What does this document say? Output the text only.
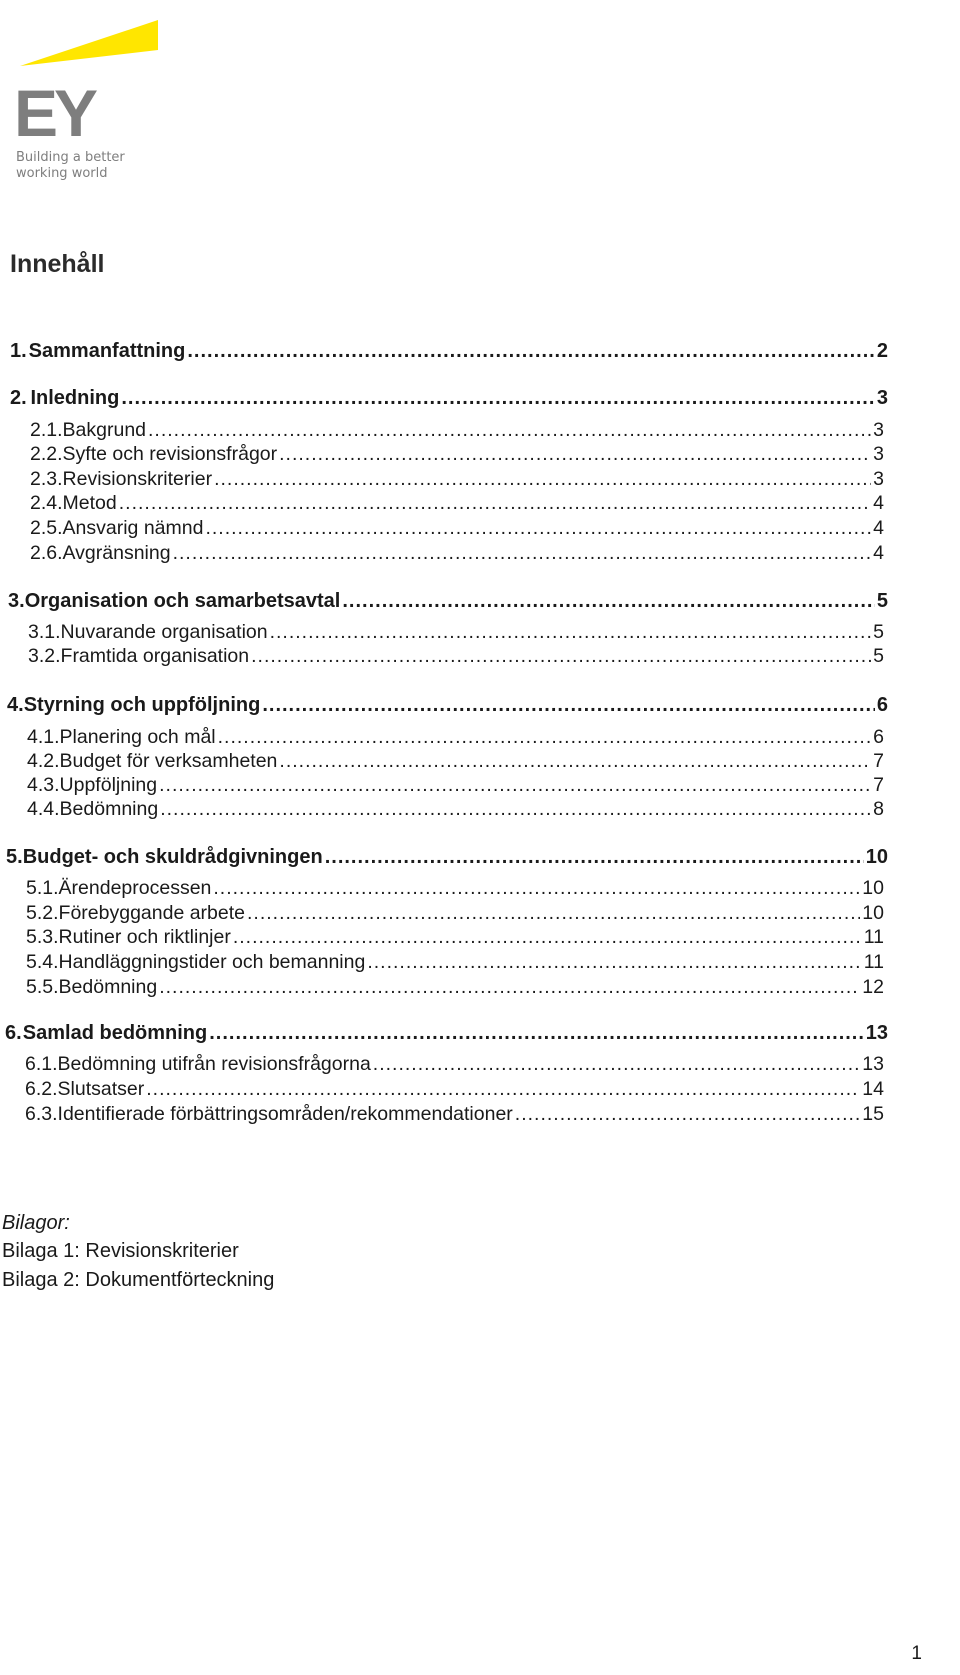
EY
Building a better
working world
Innehåll
1. Sammanfattning .....	2
2. Inledning .....	3
2.1. Bakgrund .....	3
2.2. Syfte och revisionsfrågor .....	3
2.3. Revisionskriterier .....	3
2.4. Metod .....	4
2.5. Ansvarig nämnd .....	4
2.6. Avgränsning .....	4
3. Organisation och samarbetsavtal .....	5
3.1. Nuvarande organisation .....	5
3.2. Framtida organisation .....	5
4. Styrning och uppföljning .....	6
4.1. Planering och mål .....	6
4.2. Budget för verksamheten .....	7
4.3. Uppföljning .....	7
4.4. Bedömning .....	8
5. Budget- och skuldrådgivningen .....	10
5.1. Ärendeprocessen .....	10
5.2. Förebyggande arbete .....	10
5.3. Rutiner och riktlinjer .....	11
5.4. Handläggningstider och bemanning .....	11
5.5. Bedömning .....	12
6. Samlad bedömning .....	13
6.1. Bedömning utifrån revisionsfrågorna .....	13
6.2. Slutsatser .....	14
6.3. Identifierade förbättringsområden/rekommendationer .....	15
Bilagor:
Bilaga 1: Revisionskriterier
Bilaga 2: Dokumentförteckning
1
